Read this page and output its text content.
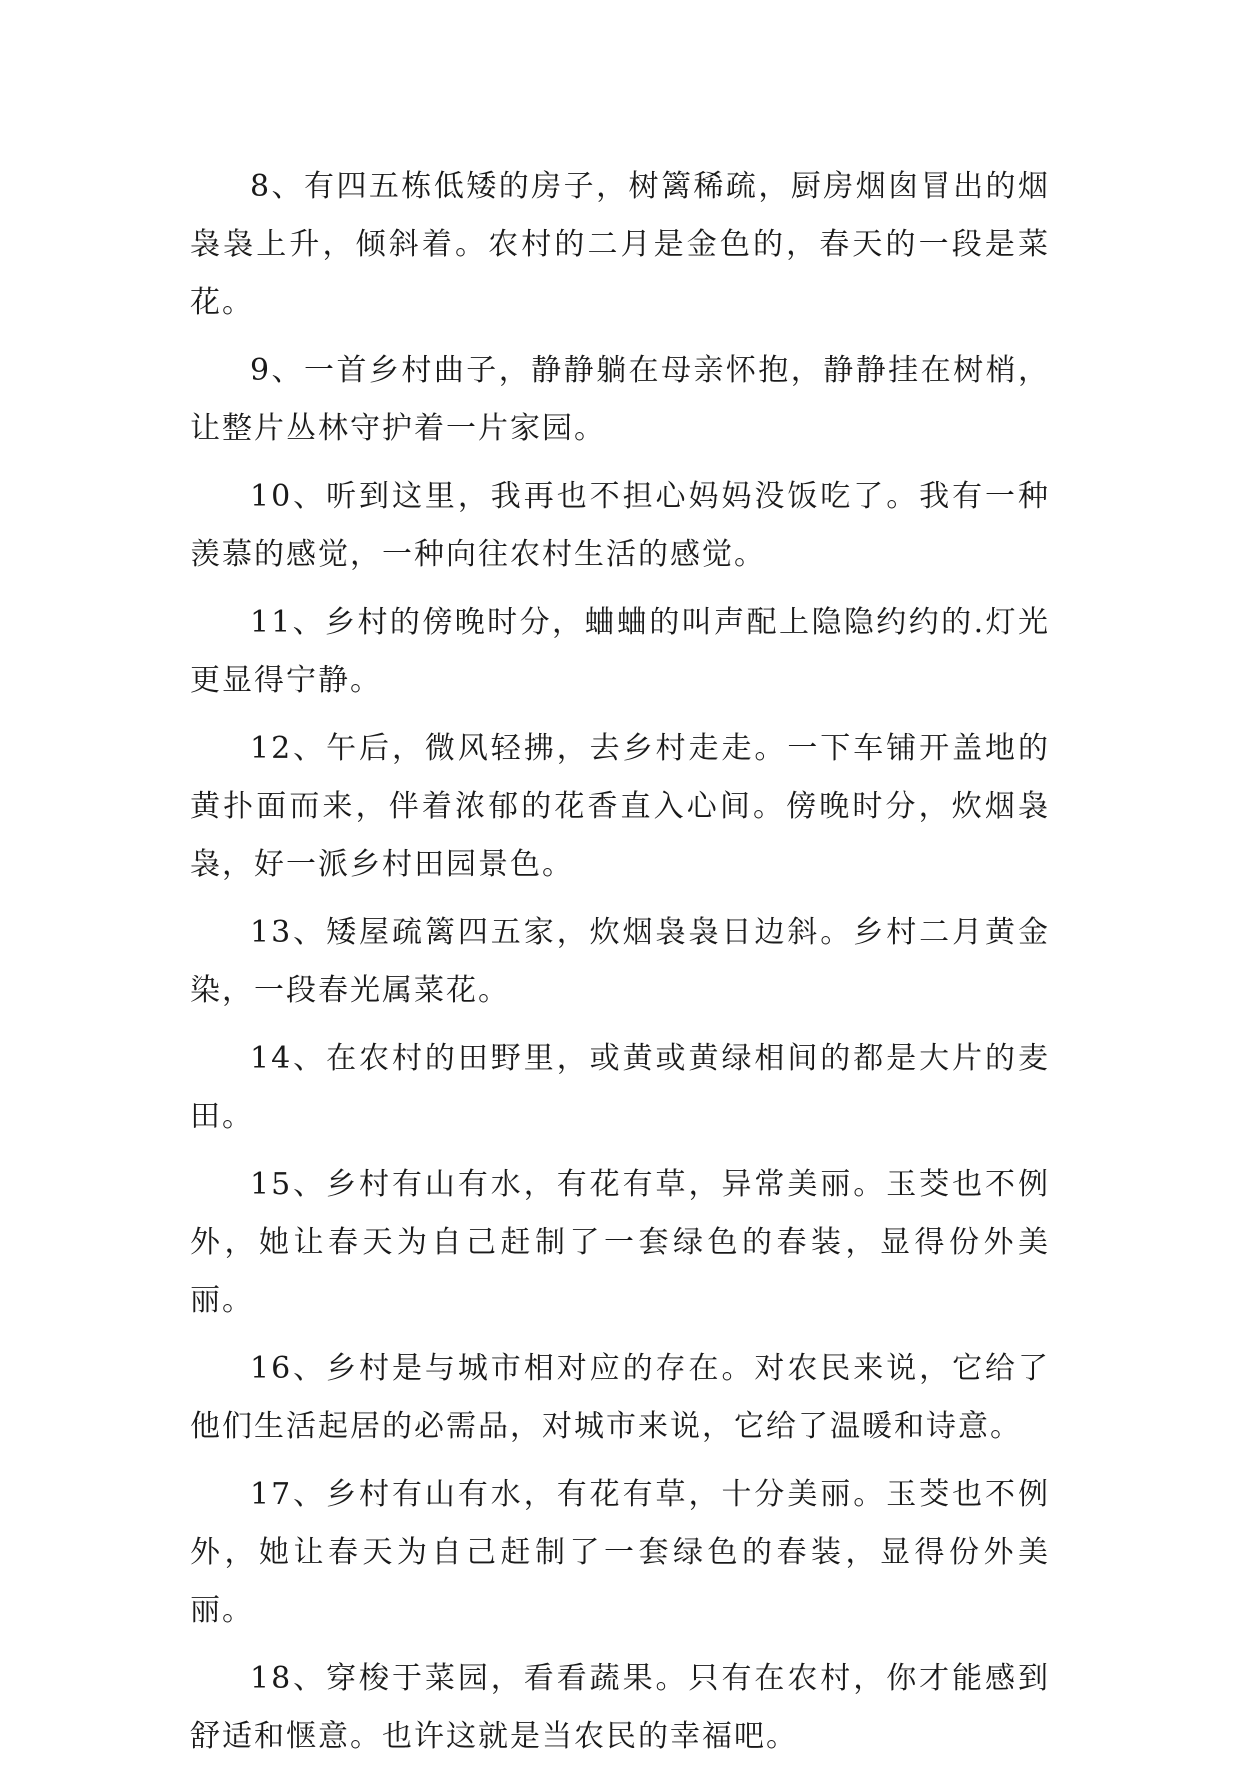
8、有四五栋低矮的房子，树篱稀疏，厨房烟囱冒出的烟袅袅上升，倾斜着。农村的二月是金色的，春天的一段是菜花。

9、一首乡村曲子，静静躺在母亲怀抱，静静挂在树梢，让整片丛林守护着一片家园。

10、听到这里，我再也不担心妈妈没饭吃了。我有一种羡慕的感觉，一种向往农村生活的感觉。

11、乡村的傍晚时分，蛐蛐的叫声配上隐隐约约的.灯光更显得宁静。

12、午后，微风轻拂，去乡村走走。一下车铺开盖地的黄扑面而来，伴着浓郁的花香直入心间。傍晚时分，炊烟袅袅，好一派乡村田园景色。

13、矮屋疏篱四五家，炊烟袅袅日边斜。乡村二月黄金染，一段春光属菜花。

14、在农村的田野里，或黄或黄绿相间的都是大片的麦田。

15、乡村有山有水，有花有草，异常美丽。玉茭也不例外，她让春天为自己赶制了一套绿色的春装，显得份外美丽。

16、乡村是与城市相对应的存在。对农民来说，它给了他们生活起居的必需品，对城市来说，它给了温暖和诗意。

17、乡村有山有水，有花有草，十分美丽。玉茭也不例外，她让春天为自己赶制了一套绿色的春装，显得份外美丽。

18、穿梭于菜园，看看蔬果。只有在农村，你才能感到舒适和惬意。也许这就是当农民的幸福吧。
